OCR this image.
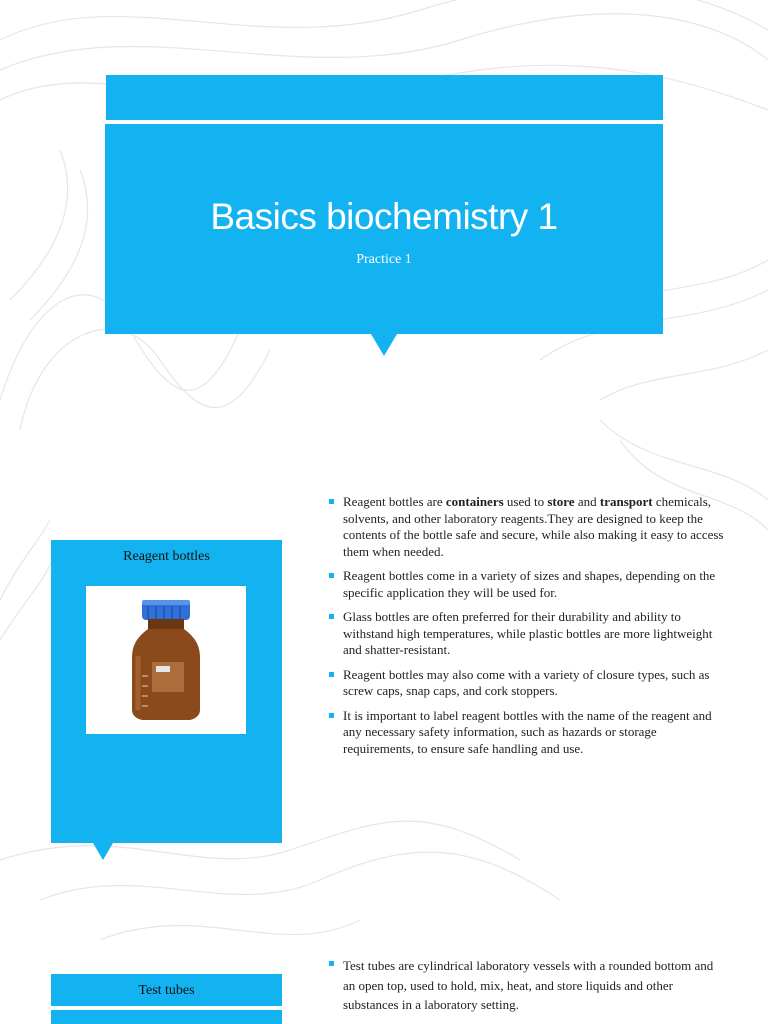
Basics biochemistry 1
Practice 1
Reagent bottles
Reagent bottles are containers used to store and transport chemicals, solvents, and other laboratory reagents.They are designed to keep the contents of the bottle safe and secure, while also making it easy to access them when needed.
Reagent bottles come in a variety of sizes and shapes, depending on the specific application they will be used for.
Glass bottles are often preferred for their durability and ability to withstand high temperatures, while plastic bottles are more lightweight and shatter-resistant.
Reagent bottles may also come with a variety of closure types, such as screw caps, snap caps, and cork stoppers.
It is important to label reagent bottles with the name of the reagent and any necessary safety information, such as hazards or storage requirements, to ensure safe handling and use.
Test tubes
Test tubes are cylindrical laboratory vessels with a rounded bottom and an open top, used to hold, mix, heat, and store liquids and other substances in a laboratory setting.
